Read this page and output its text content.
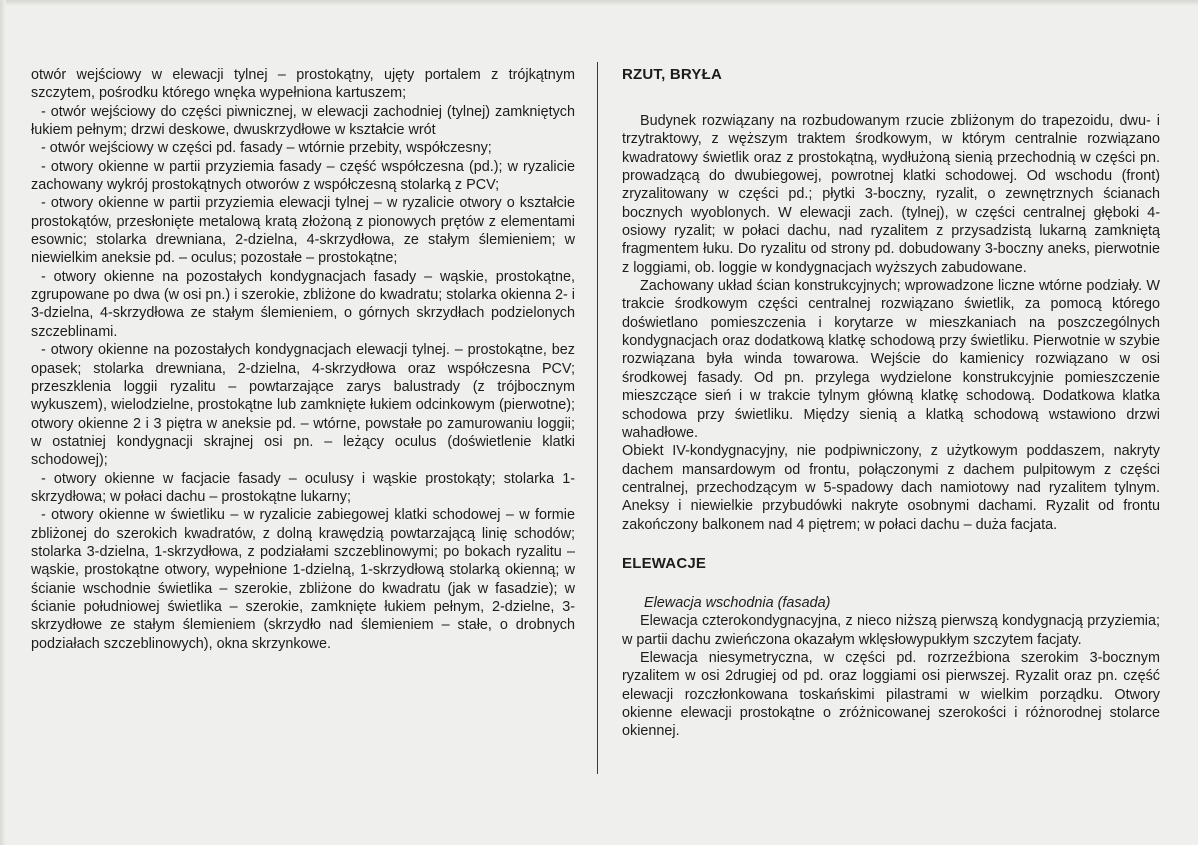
otwór wejściowy w elewacji tylnej – prostokątny, ujęty portalem z trójkątnym szczytem, pośrodku którego wnęka wypełniona kartuszem;

- otwór wejściowy do części piwnicznej, w elewacji zachodniej (tylnej) zamkniętych łukiem pełnym; drzwi deskowe, dwuskrzydłowe w kształcie wrót

- otwór wejściowy w części pd. fasady – wtórnie przebity, współczesny;

- otwory okienne w partii przyziemia fasady – część współczesna (pd.); w ryzalicie zachowany wykrój prostokątnych otworów z współczesną stolarką z PCV;

- otwory okienne w partii przyziemia elewacji tylnej – w ryzalicie otwory o kształcie prostokątów, przesłonięte metalową kratą złożoną z pionowych prętów z elementami esownic; stolarka drewniana, 2-dzielna, 4-skrzydłowa, ze stałym ślemieniem; w niewielkim aneksie pd. – oculus; pozostałe – prostokątne;

- otwory okienne na pozostałych kondygnacjach fasady – wąskie, prostokątne, zgrupowane po dwa (w osi pn.) i szerokie, zbliżone do kwadratu; stolarka okienna 2- i 3-dzielna, 4-skrzydłowa ze stałym ślemieniem, o górnych skrzydłach podzielonych szczeblinami.

- otwory okienne na pozostałych kondygnacjach elewacji tylnej. – prostokątne, bez opasek; stolarka drewniana, 2-dzielna, 4-skrzydłowa oraz współczesna PCV; przeszklenia loggii ryzalitu – powtarzające zarys balustrady (z trójbocznym wykuszem), wielodzielne, prostokątne lub zamknięte łukiem odcinkowym (pierwotne); otwory okienne 2 i 3 piętra w aneksie pd. – wtórne, powstałe po zamurowaniu loggii; w ostatniej kondygnacji skrajnej osi pn. – leżący oculus (doświetlenie klatki schodowej);

- otwory okienne w facjacie fasady – oculusy i wąskie prostokąty; stolarka 1-skrzydłowa; w połaci dachu – prostokątne lukarny;

- otwory okienne w świetliku – w ryzalicie zabiegowej klatki schodowej – w formie zbliżonej do szerokich kwadratów, z dolną krawędzią powtarzającą linię schodów; stolarka 3-dzielna, 1-skrzydłowa, z podziałami szczeblinowymi; po bokach ryzalitu – wąskie, prostokątne otwory, wypełnione 1-dzielną, 1-skrzydłową stolarką okienną; w ścianie wschodnie świetlika – szerokie, zbliżone do kwadratu (jak w fasadzie); w ścianie południowej świetlika – szerokie, zamknięte łukiem pełnym, 2-dzielne, 3-skrzydłowe ze stałym ślemieniem (skrzydło nad ślemieniem – stałe, o drobnych podziałach szczeblinowych), okna skrzynkowe.

RZUT, BRYŁA

Budynek rozwiązany na rozbudowanym rzucie zbliżonym do trapezoidu, dwu- i trzytraktowy, z węższym traktem środkowym, w którym centralnie rozwiązano kwadratowy świetlik oraz z prostokątną, wydłużoną sienią przechodnią w części pn. prowadzącą do dwubiegowej, powrotnej klatki schodowej. Od wschodu (front) zryzalitowany w części pd.; płytki 3-boczny, ryzalit, o zewnętrznych ścianach bocznych wyoblonych. W elewacji zach. (tylnej), w części centralnej głęboki 4-osiowy ryzalit; w połaci dachu, nad ryzalitem z przysadzistą lukarną zamkniętą fragmentem łuku. Do ryzalitu od strony pd. dobudowany 3-boczny aneks, pierwotnie z loggiami, ob. loggie w kondygnacjach wyższych zabudowane.

Zachowany układ ścian konstrukcyjnych; wprowadzone liczne wtórne podziały. W trakcie środkowym części centralnej rozwiązano świetlik, za pomocą którego doświetlano pomieszczenia i korytarze w mieszkaniach na poszczególnych kondygnacjach oraz dodatkową klatkę schodową przy świetliku. Pierwotnie w szybie rozwiązana była winda towarowa. Wejście do kamienicy rozwiązano w osi środkowej fasady. Od pn. przylega wydzielone konstrukcyjnie pomieszczenie mieszczące sień i w trakcie tylnym główną klatkę schodową. Dodatkowa klatka schodowa przy świetliku. Między sienią a klatką schodową wstawiono drzwi wahadłowe.

Obiekt IV-kondygnacyjny, nie podpiwniczony, z użytkowym poddaszem, nakryty dachem mansardowym od frontu, połączonymi z dachem pulpitowym z części centralnej, przechodzącym w 5-spadowy dach namiotowy nad ryzalitem tylnym. Aneksy i niewielkie przybudówki nakryte osobnymi dachami. Ryzalit od frontu zakończony balkonem nad 4 piętrem; w połaci dachu – duża facjata.

ELEWACJE
Elewacja wschodnia (fasada)

Elewacja czterokondygnacyjna, z nieco niższą pierwszą kondygnacją przyziemia; w partii dachu zwieńczona okazałym wklęsłowypukłym szczytem facjaty.

Elewacja niesymetryczna, w części pd. rozrzeźbiona szerokim 3-bocznym ryzalitem w osi 2drugiej od pd. oraz loggiami osi pierwszej. Ryzalit oraz pn. część elewacji rozczłonkowana toskańskimi pilastrami w wielkim porządku. Otwory okienne elewacji prostokątne o zróżnicowanej szerokości i różnorodnej stolarce okiennej.
